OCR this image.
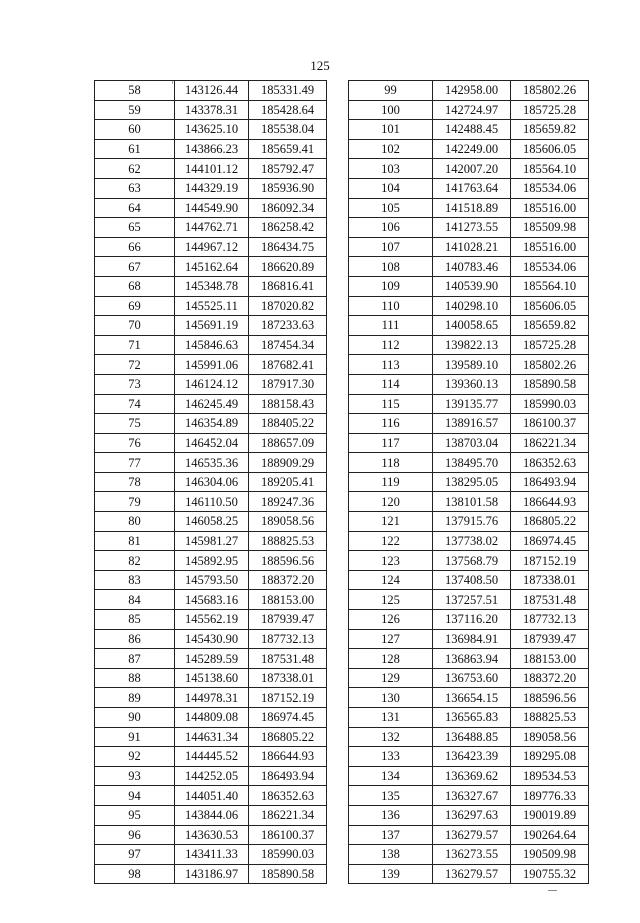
125
58	143126.44	185331.49
59	143378.31	185428.64
60	143625.10	185538.04
61	143866.23	185659.41
62	144101.12	185792.47
63	144329.19	185936.90
64	144549.90	186092.34
65	144762.71	186258.42
66	144967.12	186434.75
67	145162.64	186620.89
68	145348.78	186816.41
69	145525.11	187020.82
70	145691.19	187233.63
71	145846.63	187454.34
72	145991.06	187682.41
73	146124.12	187917.30
74	146245.49	188158.43
75	146354.89	188405.22
76	146452.04	188657.09
77	146535.36	188909.29
78	146304.06	189205.41
79	146110.50	189247.36
80	146058.25	189058.56
81	145981.27	188825.53
82	145892.95	188596.56
83	145793.50	188372.20
84	145683.16	188153.00
85	145562.19	187939.47
86	145430.90	187732.13
87	145289.59	187531.48
88	145138.60	187338.01
89	144978.31	187152.19
90	144809.08	186974.45
91	144631.34	186805.22
92	144445.52	186644.93
93	144252.05	186493.94
94	144051.40	186352.63
95	143844.06	186221.34
96	143630.53	186100.37
97	143411.33	185990.03
98	143186.97	185890.58
99	142958.00	185802.26
100	142724.97	185725.28
101	142488.45	185659.82
102	142249.00	185606.05
103	142007.20	185564.10
104	141763.64	185534.06
105	141518.89	185516.00
106	141273.55	185509.98
107	141028.21	185516.00
108	140783.46	185534.06
109	140539.90	185564.10
110	140298.10	185606.05
111	140058.65	185659.82
112	139822.13	185725.28
113	139589.10	185802.26
114	139360.13	185890.58
115	139135.77	185990.03
116	138916.57	186100.37
117	138703.04	186221.34
118	138495.70	186352.63
119	138295.05	186493.94
120	138101.58	186644.93
121	137915.76	186805.22
122	137738.02	186974.45
123	137568.79	187152.19
124	137408.50	187338.01
125	137257.51	187531.48
126	137116.20	187732.13
127	136984.91	187939.47
128	136863.94	188153.00
129	136753.60	188372.20
130	136654.15	188596.56
131	136565.83	188825.53
132	136488.85	189058.56
133	136423.39	189295.08
134	136369.62	189534.53
135	136327.67	189776.33
136	136297.63	190019.89
137	136279.57	190264.64
138	136273.55	190509.98
139	136279.57	190755.32
